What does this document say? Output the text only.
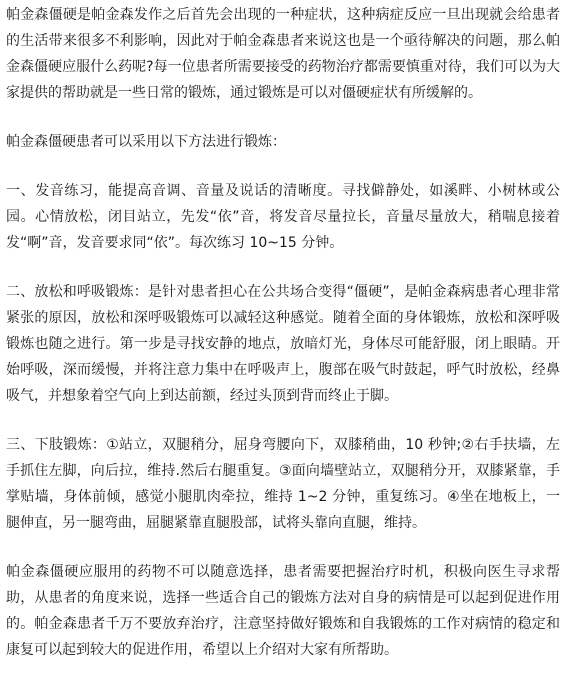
帕金森僵硬是帕金森发作之后首先会出现的一种症状，这种病症反应一旦出现就会给患者的生活带来很多不利影响，因此对于帕金森患者来说这也是一个亟待解决的问题，那么帕金森僵硬应服什么药呢?每一位患者所需要接受的药物治疗都需要慎重对待，我们可以为大家提供的帮助就是一些日常的锻炼，通过锻炼是可以对僵硬症状有所缓解的。

帕金森僵硬患者可以采用以下方法进行锻炼：

一、发音练习，能提高音调、音量及说话的清晰度。寻找僻静处，如溪畔、小树林或公园。心情放松，闭目站立，先发“依”音，将发音尽量拉长，音量尽量放大，稍喘息接着发“啊”音，发音要求同“依”。每次练习 10~15 分钟。

二、放松和呼吸锻炼：是针对患者担心在公共场合变得“僵硬”，是帕金森病患者心理非常紧张的原因，放松和深呼吸锻炼可以减轻这种感觉。随着全面的身体锻炼，放松和深呼吸锻炼也随之进行。第一步是寻找安静的地点，放暗灯光，身体尽可能舒服，闭上眼睛。开始呼吸，深而缓慢，并将注意力集中在呼吸声上，腹部在吸气时鼓起，呼气时放松，经鼻吸气，并想象着空气向上到达前额，经过头顶到背而终止于脚。

三、下肢锻炼：①站立，双腿稍分，屈身弯腰向下，双膝稍曲，10 秒钟;②右手扶墙，左手抓住左脚，向后拉，维持.然后右腿重复。③面向墙壁站立，双腿稍分开，双膝紧靠，手掌贴墙，身体前倾，感觉小腿肌肉牵拉，维持 1~2 分钟，重复练习。④坐在地板上，一腿伸直，另一腿弯曲，屈腿紧靠直腿股部，试将头靠向直腿，维持。

帕金森僵硬应服用的药物不可以随意选择，患者需要把握治疗时机，积极向医生寻求帮助，从患者的角度来说，选择一些适合自己的锻炼方法对自身的病情是可以起到促进作用的。帕金森患者千万不要放弃治疗，注意坚持做好锻炼和自我锻炼的工作对病情的稳定和康复可以起到较大的促进作用，希望以上介绍对大家有所帮助。
